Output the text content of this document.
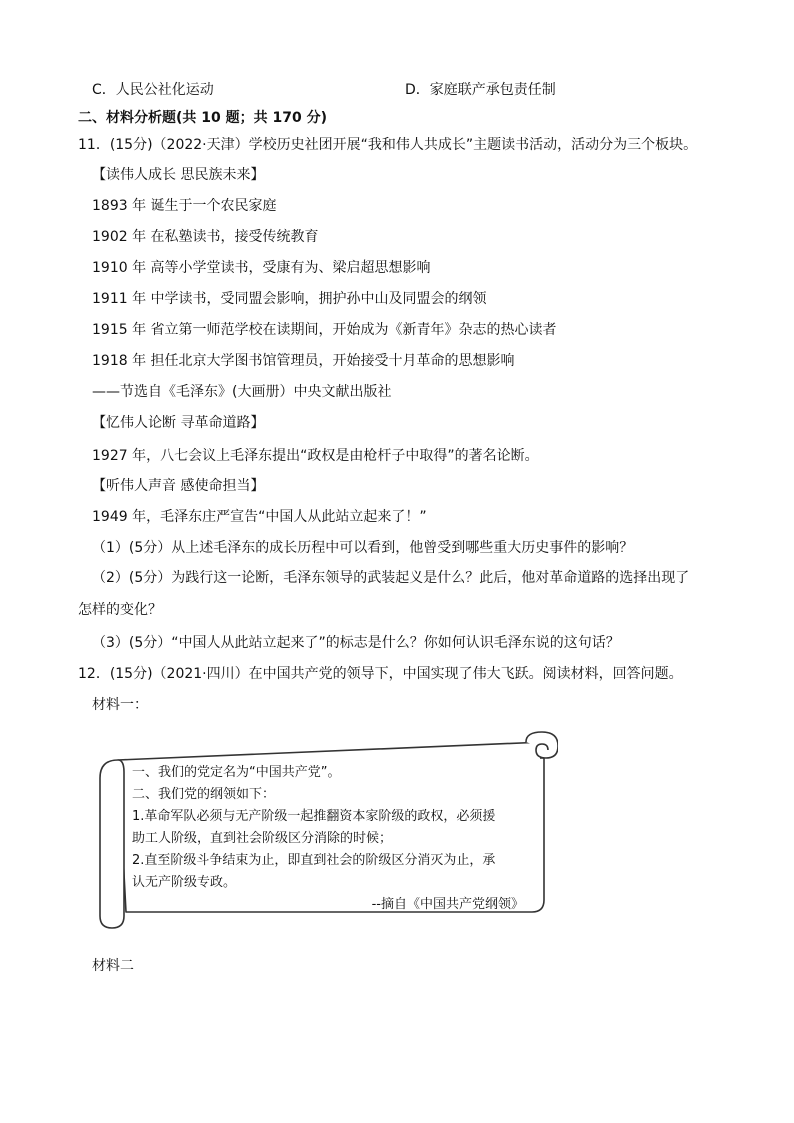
C．人民公社化运动	D．家庭联产承包责任制
二、材料分析题(共 10 题；共 170 分)
11．(15分)（2022·天津）学校历史社团开展“我和伟人共成长”主题读书活动，活动分为三个板块。
【读伟人成长 思民族未来】
1893 年 诞生于一个农民家庭
1902 年 在私塾读书，接受传统教育
1910 年 高等小学堂读书，受康有为、梁启超思想影响
1911 年 中学读书，受同盟会影响，拥护孙中山及同盟会的纲领
1915 年 省立第一师范学校在读期间，开始成为《新青年》杂志的热心读者
1918 年 担任北京大学图书馆管理员，开始接受十月革命的思想影响
——节选自《毛泽东》(大画册）中央文献出版社
【忆伟人论断 寻革命道路】
1927 年，八七会议上毛泽东提出“政权是由枪杆子中取得”的著名论断。
【听伟人声音 感使命担当】
1949 年，毛泽东庄严宣告“中国人从此站立起来了！”
（1）(5分）从上述毛泽东的成长历程中可以看到，他曾受到哪些重大历史事件的影响？
（2）(5分）为践行这一论断，毛泽东领导的武装起义是什么？此后，他对革命道路的选择出现了
怎样的变化？
（3）(5分）“中国人从此站立起来了”的标志是什么？你如何认识毛泽东说的这句话？
12．(15分)（2021·四川）在中国共产党的领导下，中国实现了伟大飞跃。阅读材料，回答问题。
材料一：
一、我们的党定名为“中国共产党”。
二、我们党的纲领如下：
1.革命军队必须与无产阶级一起推翻资本家阶级的政权，必须援
助工人阶级，直到社会阶级区分消除的时候；
2.直至阶级斗争结束为止，即直到社会的阶级区分消灭为止，承
认无产阶级专政。
--摘自《中国共产党纲领》
材料二
